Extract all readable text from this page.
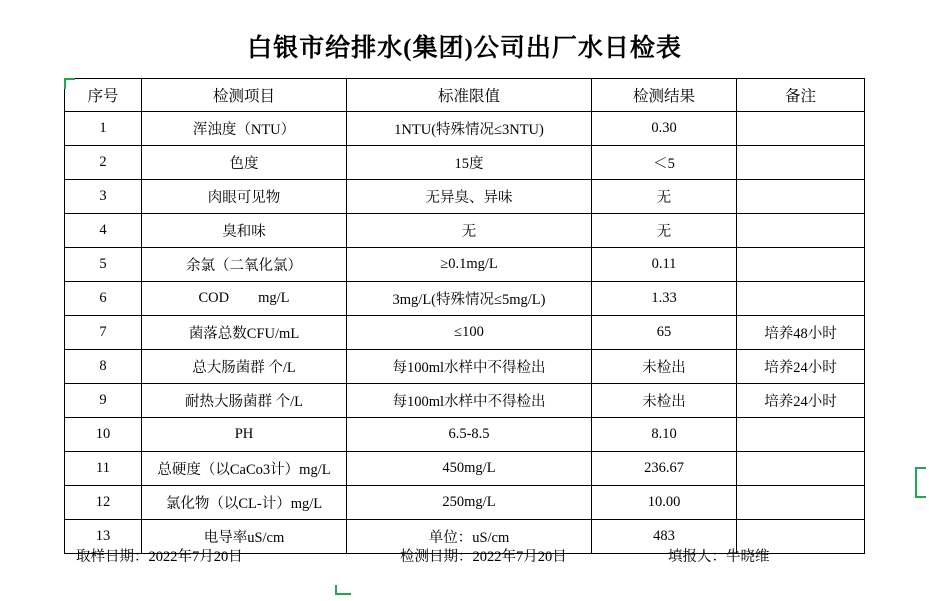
白银市给排水(集团)公司出厂水日检表
序号	检测项目	标准限值	检测结果	备注
1	浑浊度（NTU）	1NTU(特殊情况≤3NTU)	0.30	
2	色度	15度	＜5	
3	肉眼可见物	无异臭、异味	无	
4	臭和味	无	无	
5	余氯（二氧化氯）	≥0.1mg/L	0.11	
6	COD        mg/L	3mg/L(特殊情况≤5mg/L)	1.33	
7	菌落总数CFU/mL	≤100	65	培养48小时
8	总大肠菌群 个/L	每100ml水样中不得检出	未检出	培养24小时
9	耐热大肠菌群 个/L	每100ml水样中不得检出	未检出	培养24小时
10	PH	6.5-8.5	8.10	
11	总硬度（以CaCo3计）mg/L	450mg/L	236.67	
12	氯化物（以CL-计）mg/L	250mg/L	10.00	
13	电导率uS/cm	单位：uS/cm	483	
取样日期：2022年7月20日	检测日期：2022年7月20日	填报人：牛晓维
